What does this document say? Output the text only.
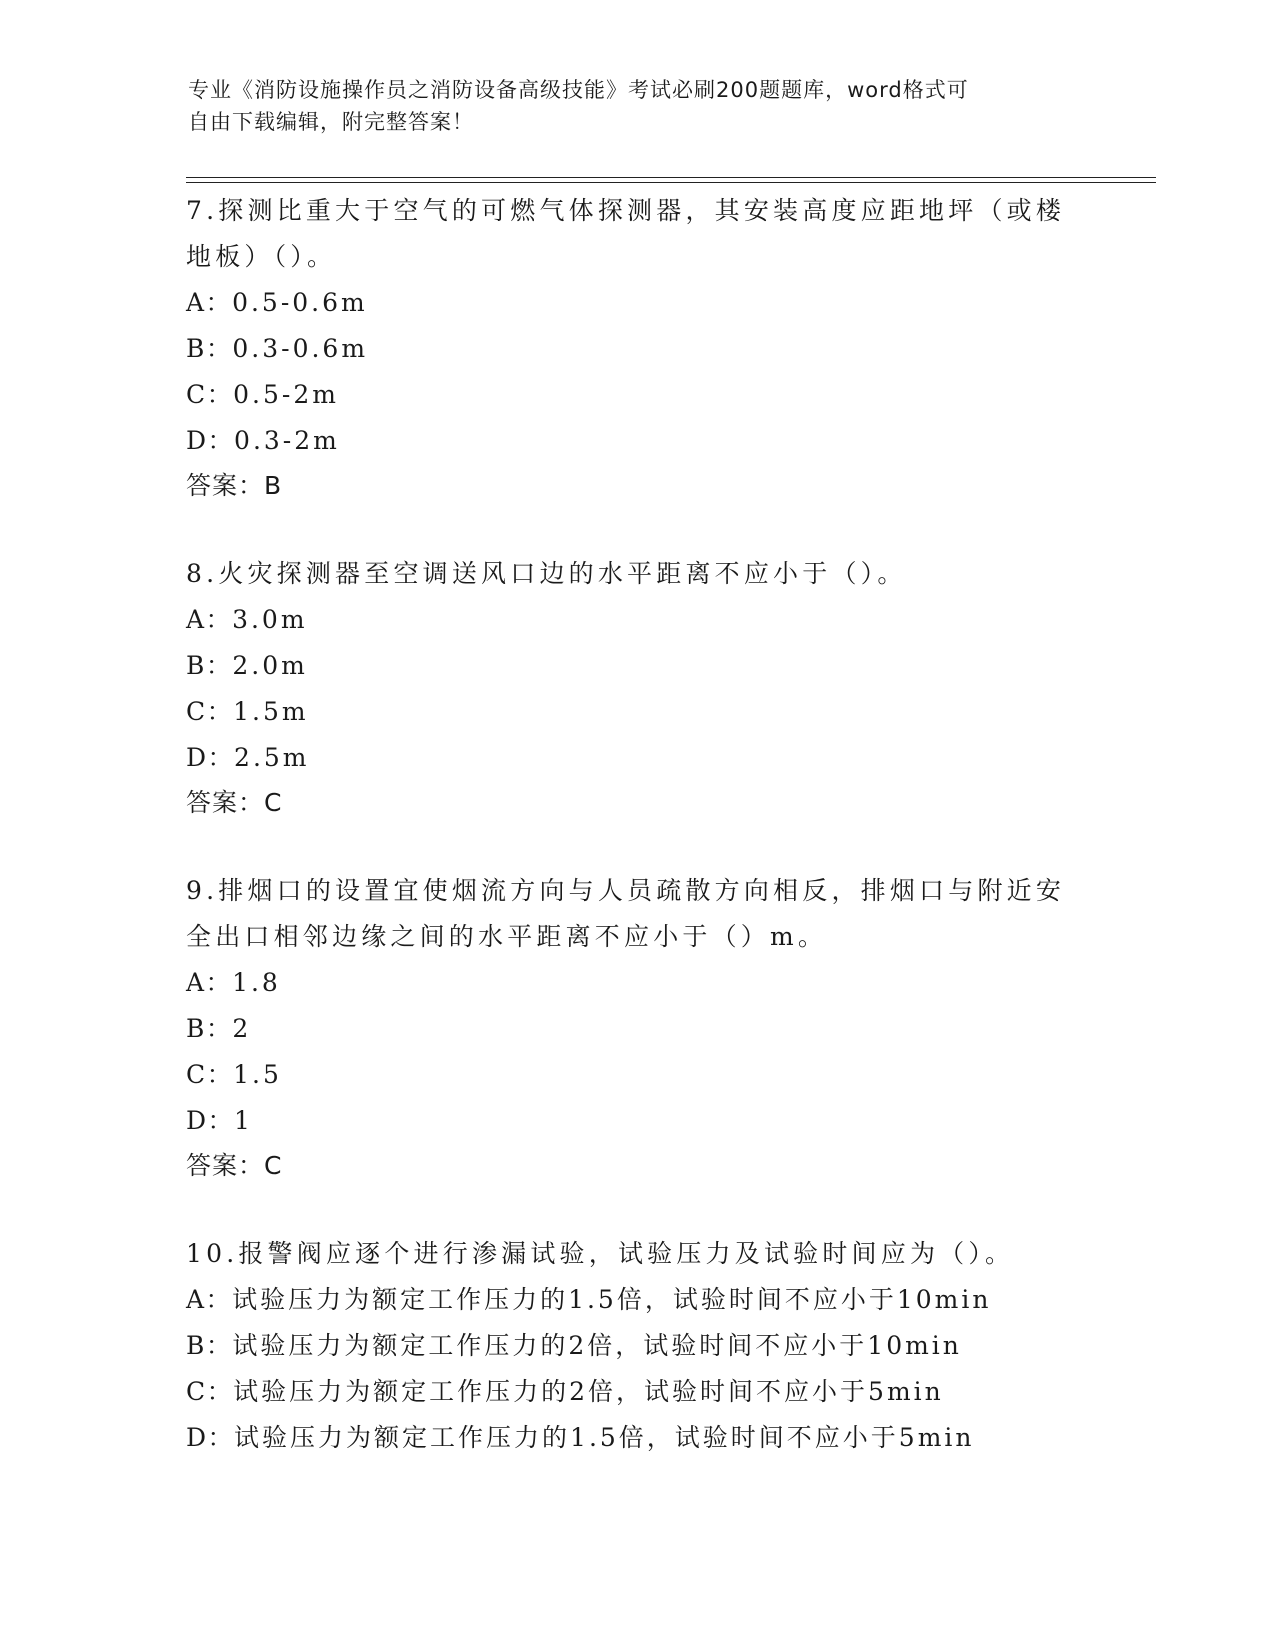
专业《消防设施操作员之消防设备高级技能》考试必刷200题题库，word格式可
自由下载编辑，附完整答案！

7.探测比重大于空气的可燃气体探测器，其安装高度应距地坪（或楼

地板）（）。

A：0.5-0.6m

B：0.3-0.6m

C：0.5-2m

D：0.3-2m

答案：B

8.火灾探测器至空调送风口边的水平距离不应小于（）。

A：3.0m

B：2.0m

C：1.5m

D：2.5m

答案：C

9.排烟口的设置宜使烟流方向与人员疏散方向相反，排烟口与附近安

全出口相邻边缘之间的水平距离不应小于（）m。

A：1.8

B：2

C：1.5

D：1

答案：C

10.报警阀应逐个进行渗漏试验，试验压力及试验时间应为（）。

A：试验压力为额定工作压力的1.5倍，试验时间不应小于10min

B：试验压力为额定工作压力的2倍，试验时间不应小于10min

C：试验压力为额定工作压力的2倍，试验时间不应小于5min

D：试验压力为额定工作压力的1.5倍，试验时间不应小于5min
